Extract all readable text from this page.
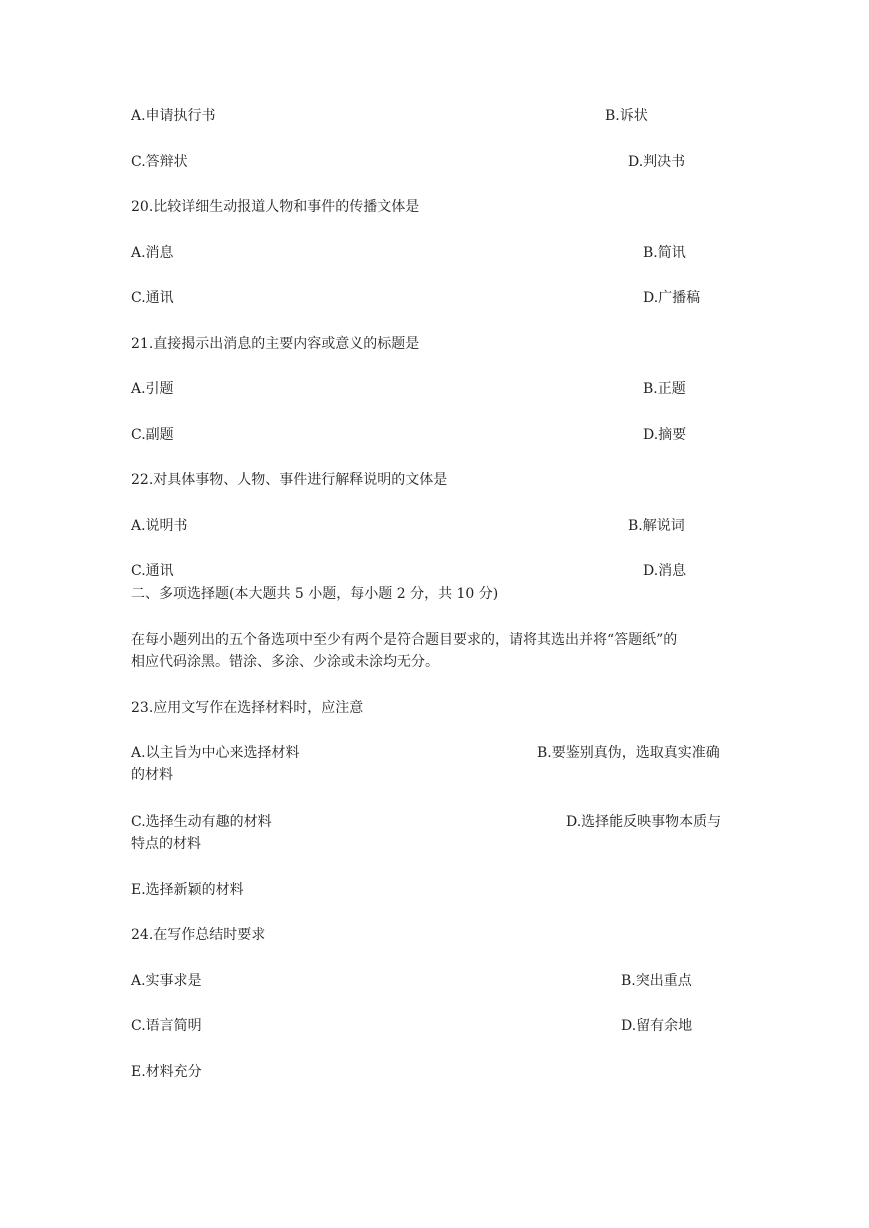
A.申请执行书	B.诉状
C.答辩状	D.判决书
20.比较详细生动报道人物和事件的传播文体是
A.消息	B.简讯
C.通讯	D.广播稿
21.直接揭示出消息的主要内容或意义的标题是
A.引题	B.正题
C.副题	D.摘要
22.对具体事物、人物、事件进行解释说明的文体是
A.说明书	B.解说词
C.通讯	D.消息
二、多项选择题(本大题共 5 小题，每小题 2 分，共 10 分)
在每小题列出的五个备选项中至少有两个是符合题目要求的，请将其选出并将“答题纸”的
相应代码涂黑。错涂、多涂、少涂或未涂均无分。
23.应用文写作在选择材料时，应注意
A.以主旨为中心来选择材料	B.要鉴别真伪，选取真实准确
的材料
C.选择生动有趣的材料	D.选择能反映事物本质与
特点的材料
E.选择新颖的材料
24.在写作总结时要求
A.实事求是	B.突出重点
C.语言简明	D.留有余地
E.材料充分
